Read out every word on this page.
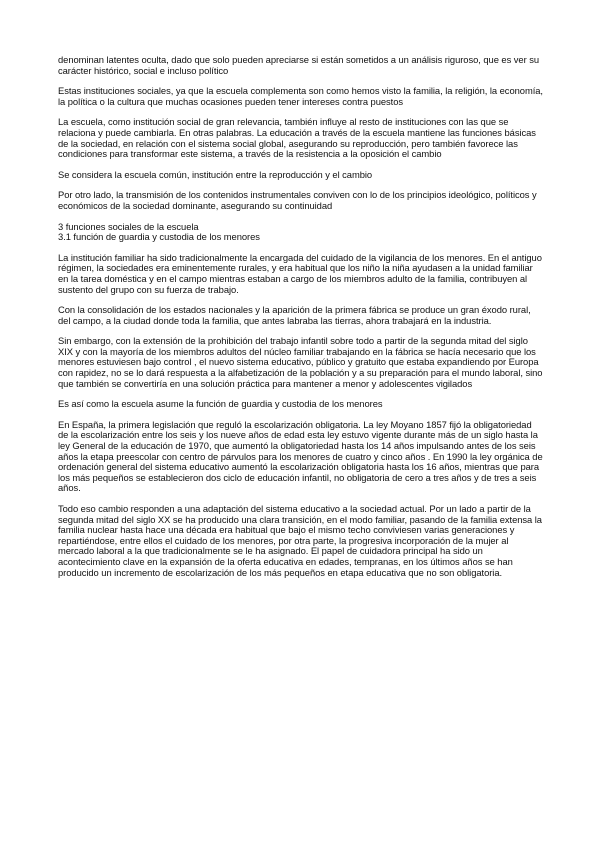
denominan latentes oculta, dado que solo pueden apreciarse si están sometidos a un análisis riguroso, que es ver su carácter histórico, social e incluso político

Estas instituciones sociales, ya que la escuela complementa son como hemos visto la familia, la religión, la economía, la política o la cultura que muchas ocasiones pueden tener intereses contra puestos

La escuela, como institución social de gran relevancia, también influye al resto de instituciones con las que se relaciona y puede cambiarla. En otras palabras. La educación a través de la escuela mantiene las funciones básicas de la sociedad, en relación con el sistema social global, asegurando su reproducción, pero también favorece las condiciones para transformar este sistema, a través de la resistencia a la oposición el cambio

Se considera la escuela común, institución entre la reproducción y el cambio

Por otro lado, la transmisión de los contenidos instrumentales conviven con lo de los principios ideológico, políticos y económicos de la sociedad dominante, asegurando su continuidad

3 funciones sociales de la escuela

3.1 función de guardia y custodia de los menores

La institución familiar ha sido tradicionalmente la encargada del cuidado de la vigilancia de los menores. En el antiguo régimen, la sociedades era eminentemente rurales, y era habitual que los niño la niña ayudasen a la unidad familiar en la tarea doméstica y en el campo mientras estaban a cargo de los miembros adulto de la familia, contribuyen al sustento del grupo con su fuerza de trabajo.

Con la consolidación de los estados nacionales y la aparición de la primera fábrica se produce un gran éxodo rural, del campo, a la ciudad donde toda la familia, que antes labraba las tierras, ahora trabajará en la industria.

Sin embargo, con la extensión de la prohibición del trabajo infantil sobre todo a partir de la segunda mitad del siglo XIX y con la mayoría de los miembros adultos del núcleo familiar trabajando en la fábrica se hacía necesario que los menores estuviesen bajo control , el nuevo sistema educativo, público y gratuito que estaba expandiendo por Europa con rapidez, no se lo dará respuesta a la alfabetización de la población y a su preparación para el mundo laboral, sino que también se convertiría en una solución práctica para mantener a menor y adolescentes vigilados

Es así como la escuela asume la función de guardia y custodia de los menores

En España, la primera legislación que reguló la escolarización obligatoria. La ley Moyano 1857 fijó la obligatoriedad de la escolarización entre los seis y los nueve años de edad esta ley estuvo vigente durante más de un siglo hasta la ley General de la educación de 1970, que aumentó la obligatoriedad hasta los 14 años impulsando antes de los seis años la etapa preescolar con centro de párvulos para los menores de cuatro y cinco años . En 1990 la ley orgánica de ordenación general del sistema educativo aumentó la escolarización obligatoria hasta los 16 años, mientras que para los más pequeños se establecieron dos ciclo de educación infantil, no obligatoria de cero a tres años y de tres a seis años.

Todo eso cambio responden a una adaptación del sistema educativo a la sociedad actual. Por un lado a partir de la segunda mitad del siglo XX se ha producido una clara transición, en el modo familiar, pasando de la familia extensa la familia nuclear hasta hace una década era habitual que bajo el mismo techo conviviesen varias generaciones y repartiéndose, entre ellos el cuidado de los menores, por otra parte, la progresiva incorporación de la mujer al mercado laboral a la que tradicionalmente se le ha asignado. El papel de cuidadora principal ha sido un acontecimiento clave en la expansión de la oferta educativa en edades, tempranas, en los últimos años se han producido un incremento de escolarización de los más pequeños en etapa educativa que no son obligatoria.
